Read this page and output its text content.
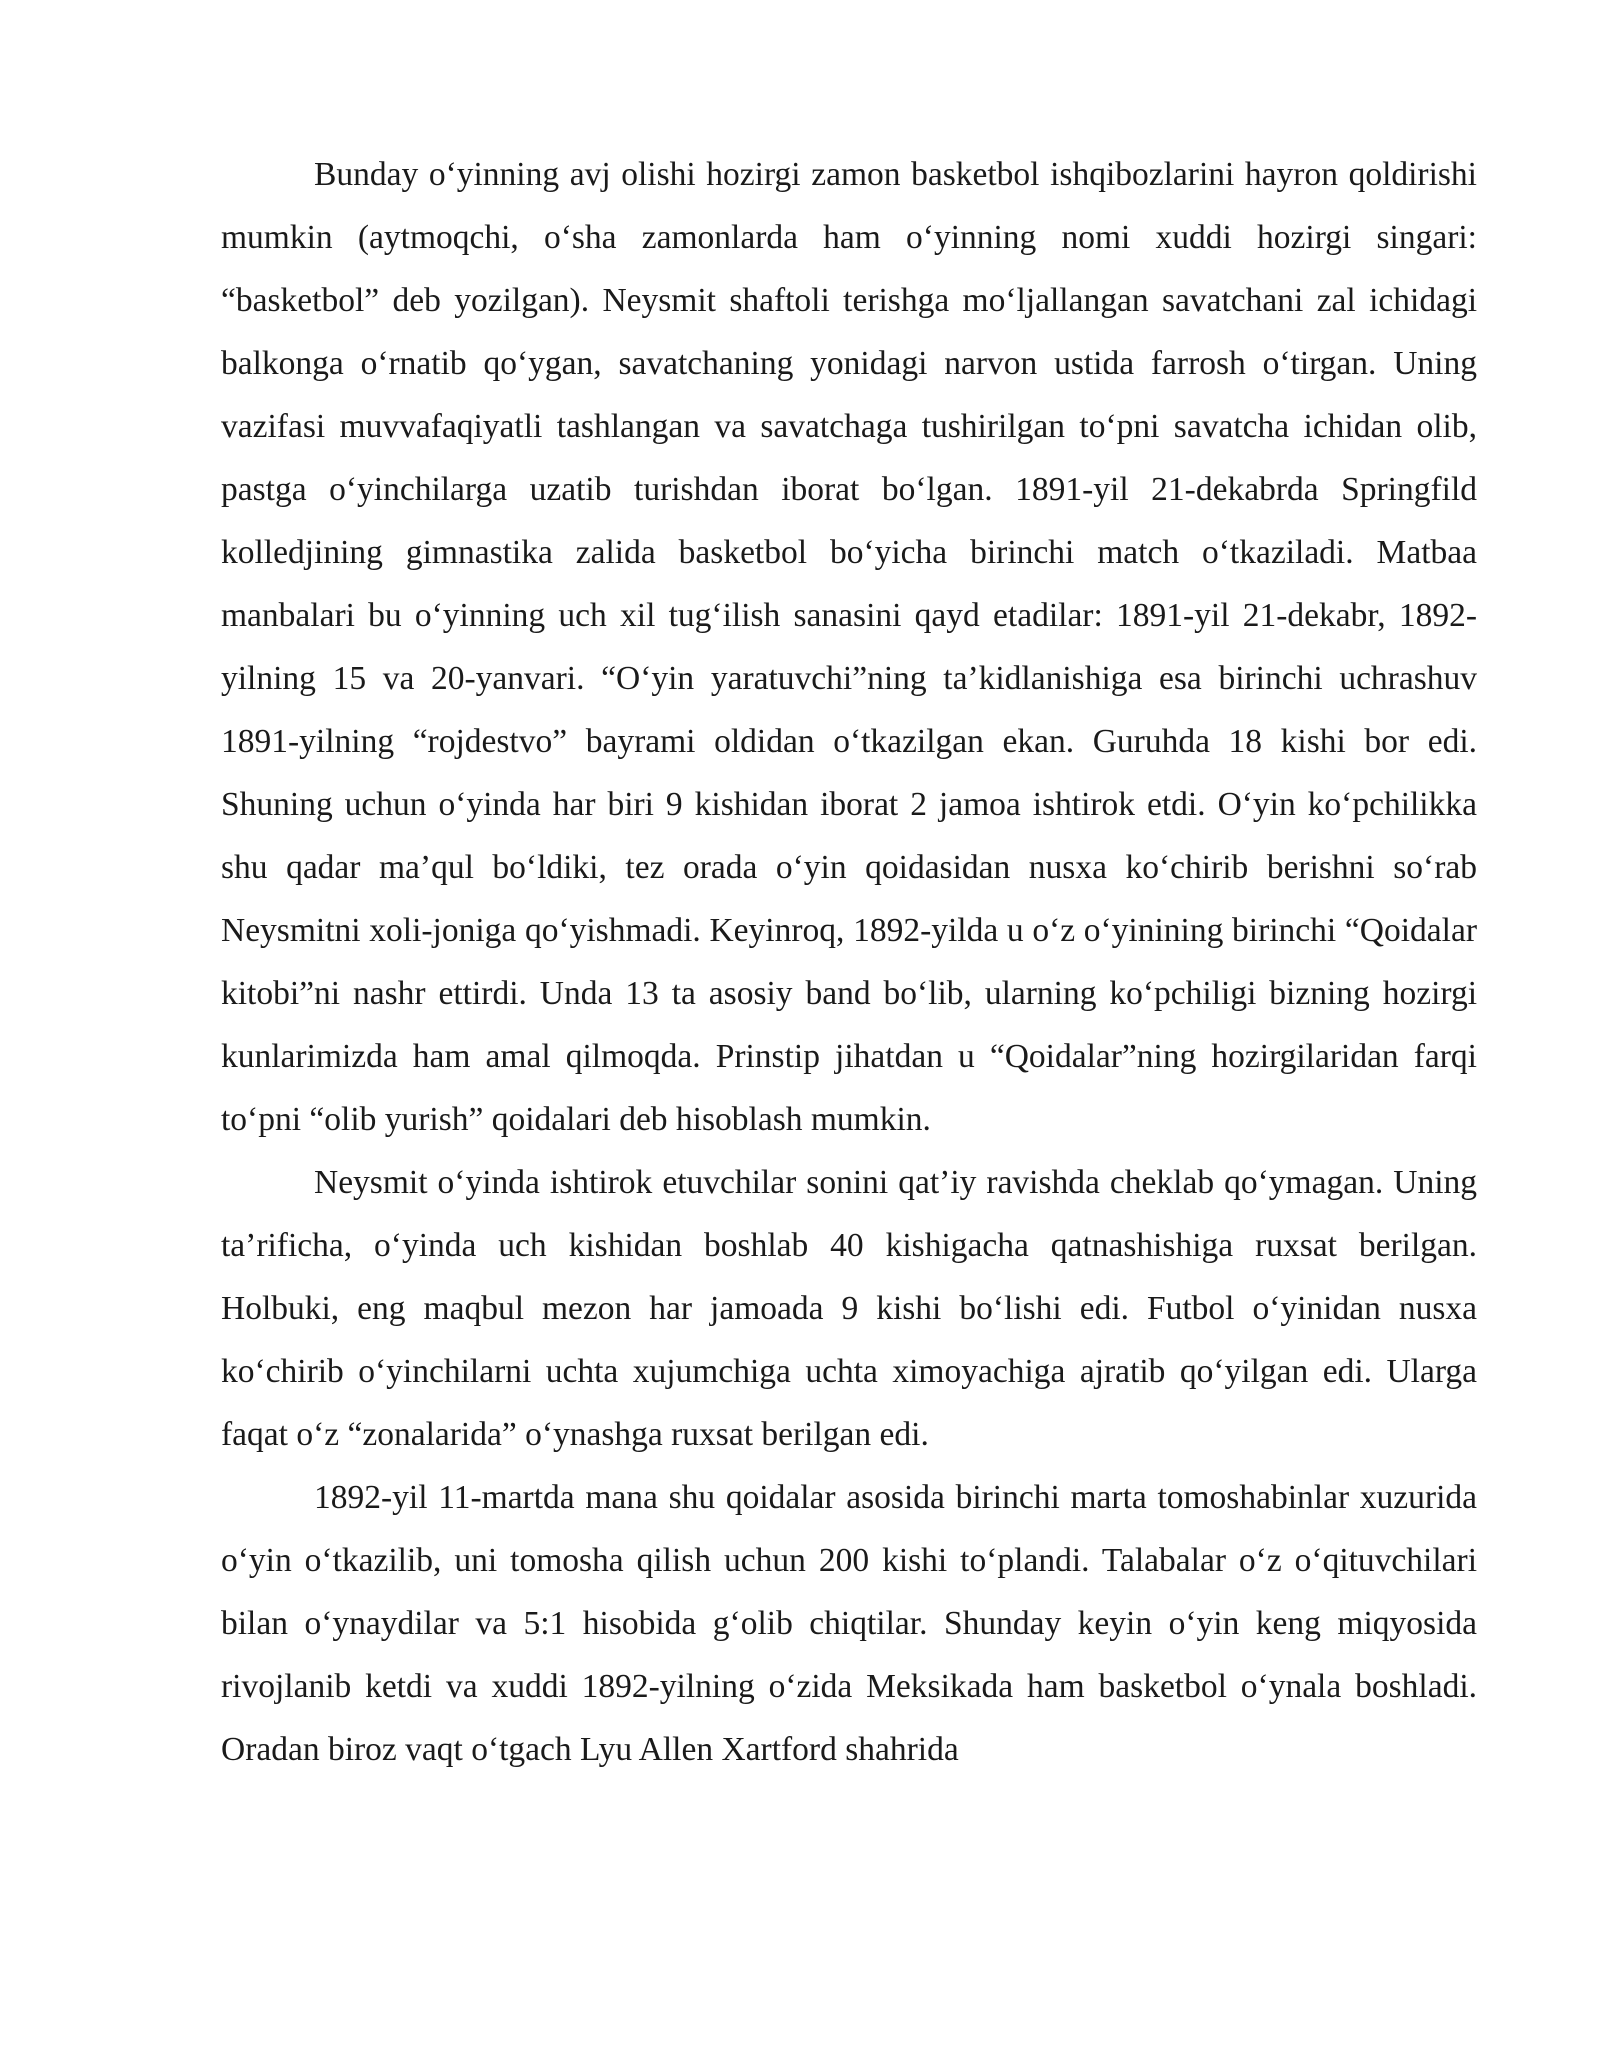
Bunday o‘yinning avj olishi hozirgi zamon basketbol ishqibozlarini hayron qoldirishi mumkin (aytmoqchi, o‘sha zamonlarda ham o‘yinning nomi xuddi hozirgi singari: “basketbol” deb yozilgan). Neysmit shaftoli terishga mo‘ljallangan savatchani zal ichidagi balkonga o‘rnatib qo‘ygan, savatchaning yonidagi narvon ustida farrosh o‘tirgan. Uning vazifasi muvvafaqiyatli tashlangan va savatchaga tushirilgan to‘pni savatcha ichidan olib, pastga o‘yinchilarga uzatib turishdan iborat bo‘lgan. 1891-yil 21-dekabrda Springfild kolledjining gimnastika zalida basketbol bo‘yicha birinchi match o‘tkaziladi. Matbaa manbalari bu o‘yinning uch xil tug‘ilish sanasini qayd etadilar: 1891-yil 21-dekabr, 1892-yilning 15 va 20-yanvari. “O‘yin yaratuvchi”ning ta’kidlanishiga esa birinchi uchrashuv 1891-yilning “rojdestvo” bayrami oldidan o‘tkazilgan ekan. Guruhda 18 kishi bor edi. Shuning uchun o‘yinda har biri 9 kishidan iborat 2 jamoa ishtirok etdi. O‘yin ko‘pchilikka shu qadar ma’qul bo‘ldiki, tez orada o‘yin qoidasidan nusxa ko‘chirib berishni so‘rab Neysmitni xoli-joniga qo‘yishmadi. Keyinroq, 1892-yilda u o‘z o‘yinining birinchi “Qoidalar kitobi”ni nashr ettirdi. Unda 13 ta asosiy band bo‘lib, ularning ko‘pchiligi bizning hozirgi kunlarimizda ham amal qilmoqda. Prinstip jihatdan u “Qoidalar”ning hozirgilaridan farqi to‘pni “olib yurish” qoidalari deb hisoblash mumkin.

Neysmit o‘yinda ishtirok etuvchilar sonini qat’iy ravishda cheklab qo‘ymagan. Uning ta’rificha, o‘yinda uch kishidan boshlab 40 kishigacha qatnashishiga ruxsat berilgan. Holbuki, eng maqbul mezon har jamoada 9 kishi bo‘lishi edi. Futbol o‘yinidan nusxa ko‘chirib o‘yinchilarni uchta xujumchiga uchta ximoyachiga ajratib qo‘yilgan edi. Ularga faqat o‘z “zonalarida” o‘ynashga ruxsat berilgan edi.

1892-yil 11-martda mana shu qoidalar asosida birinchi marta tomoshabinlar xuzurida o‘yin o‘tkazilib, uni tomosha qilish uchun 200 kishi to‘plandi. Talabalar o‘z o‘qituvchilari bilan o‘ynaydilar va 5:1 hisobida g‘olib chiqtilar. Shunday keyin o‘yin keng miqyosida rivojlanib ketdi va xuddi 1892-yilning o‘zida Meksikada ham basketbol o‘ynala boshladi. Oradan biroz vaqt o‘tgach Lyu Allen Xartford shahrida
